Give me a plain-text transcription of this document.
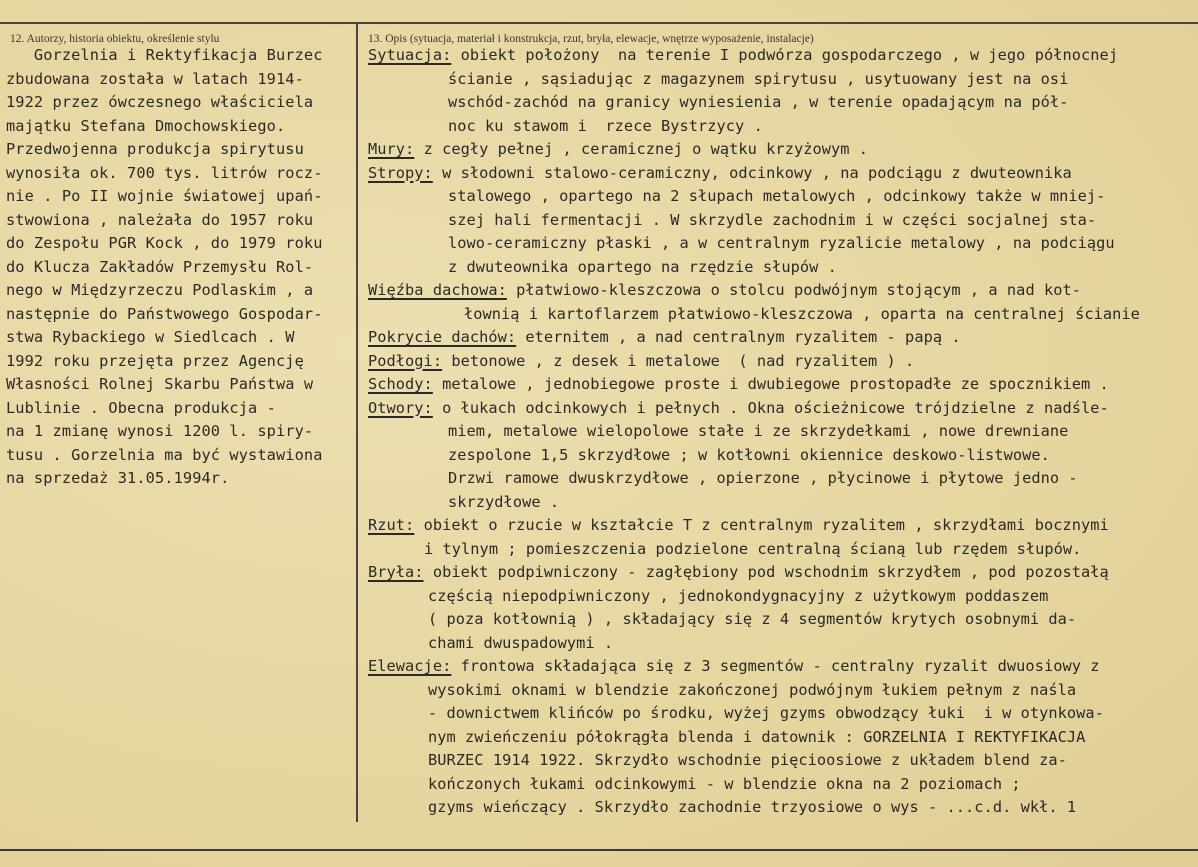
12. Autorzy, historia obiektu, określenie stylu	13. Opis (sytuacja, materiał i konstrukcja, rzut, bryła, elewacje, wnętrze wyposażenie, instalacje)
Gorzelnia i Rektyfikacja Burzec
zbudowana została w latach 1914-
1922 przez ówczesnego właściciela
majątku Stefana Dmochowskiego.
Przedwojenna produkcja spirytusu
wynosiła ok. 700 tys. litrów rocz-
nie . Po II wojnie światowej upań-
stwowiona , należała do 1957 roku
do Zespołu PGR Kock , do 1979 roku
do Klucza Zakładów Przemysłu Rol-
nego w Międzyrzeczu Podlaskim , a
następnie do Państwowego Gospodar-
stwa Rybackiego w Siedlcach . W
1992 roku przejęta przez Agencję
Własności Rolnej Skarbu Państwa w
Lublinie . Obecna produkcja -
na 1 zmianę wynosi 1200 l. spiry-
tusu . Gorzelnia ma być wystawiona
na sprzedaż 31.05.1994r.
Sytuacja: obiekt położony  na terenie I podwórza gospodarczego , w jego północnej
ścianie , sąsiadując z magazynem spirytusu , usytuowany jest na osi
wschód-zachód na granicy wyniesienia , w terenie opadającym na pół-
noc ku stawom i  rzece Bystrzycy .
Mury: z cegły pełnej , ceramicznej o wątku krzyżowym .
Stropy: w słodowni stalowo-ceramiczny, odcinkowy , na podciągu z dwuteownika
stalowego , opartego na 2 słupach metalowych , odcinkowy także w mniej-
szej hali fermentacji . W skrzydle zachodnim i w części socjalnej sta-
lowo-ceramiczny płaski , a w centralnym ryzalicie metalowy , na podciągu
z dwuteownika opartego na rzędzie słupów .
Więźba dachowa: płatwiowo-kleszczowa o stolcu podwójnym stojącym , a nad kot-
łownią i kartoflarzem płatwiowo-kleszczowa , oparta na centralnej ścianie
Pokrycie dachów: eternitem , a nad centralnym ryzalitem - papą .
Podłogi: betonowe , z desek i metalowe  ( nad ryzalitem ) .
Schody: metalowe , jednobiegowe proste i dwubiegowe prostopadłe ze spocznikiem .
Otwory: o łukach odcinkowych i pełnych . Okna ościeżnicowe trójdzielne z nadśle-
miem, metalowe wielopolowe stałe i ze skrzydełkami , nowe drewniane
zespolone 1,5 skrzydłowe ; w kotłowni okiennice deskowo-listwowe.
Drzwi ramowe dwuskrzydłowe , opierzone , płycinowe i płytowe jedno -
skrzydłowe .
Rzut: obiekt o rzucie w kształcie T z centralnym ryzalitem , skrzydłami bocznymi
i tylnym ; pomieszczenia podzielone centralną ścianą lub rzędem słupów.
Bryła: obiekt podpiwniczony - zagłębiony pod wschodnim skrzydłem , pod pozostałą
częścią niepodpiwniczony , jednokondygnacyjny z użytkowym poddaszem
( poza kotłownią ) , składający się z 4 segmentów krytych osobnymi da-
chami dwuspadowymi .
Elewacje: frontowa składająca się z 3 segmentów - centralny ryzalit dwuosiowy z
wysokimi oknami w blendzie zakończonej podwójnym łukiem pełnym z naśla
- downictwem klińców po środku, wyżej gzyms obwodzący łuki  i w otynkowa-
nym zwieńczeniu półokrągła blenda i datownik : GORZELNIA I REKTYFIKACJA
BURZEC 1914 1922. Skrzydło wschodnie pięcioosiowe z układem blend za-
kończonych łukami odcinkowymi - w blendzie okna na 2 poziomach ;
gzyms wieńczący . Skrzydło zachodnie trzyosiowe o wys - ...c.d. wkł. 1
